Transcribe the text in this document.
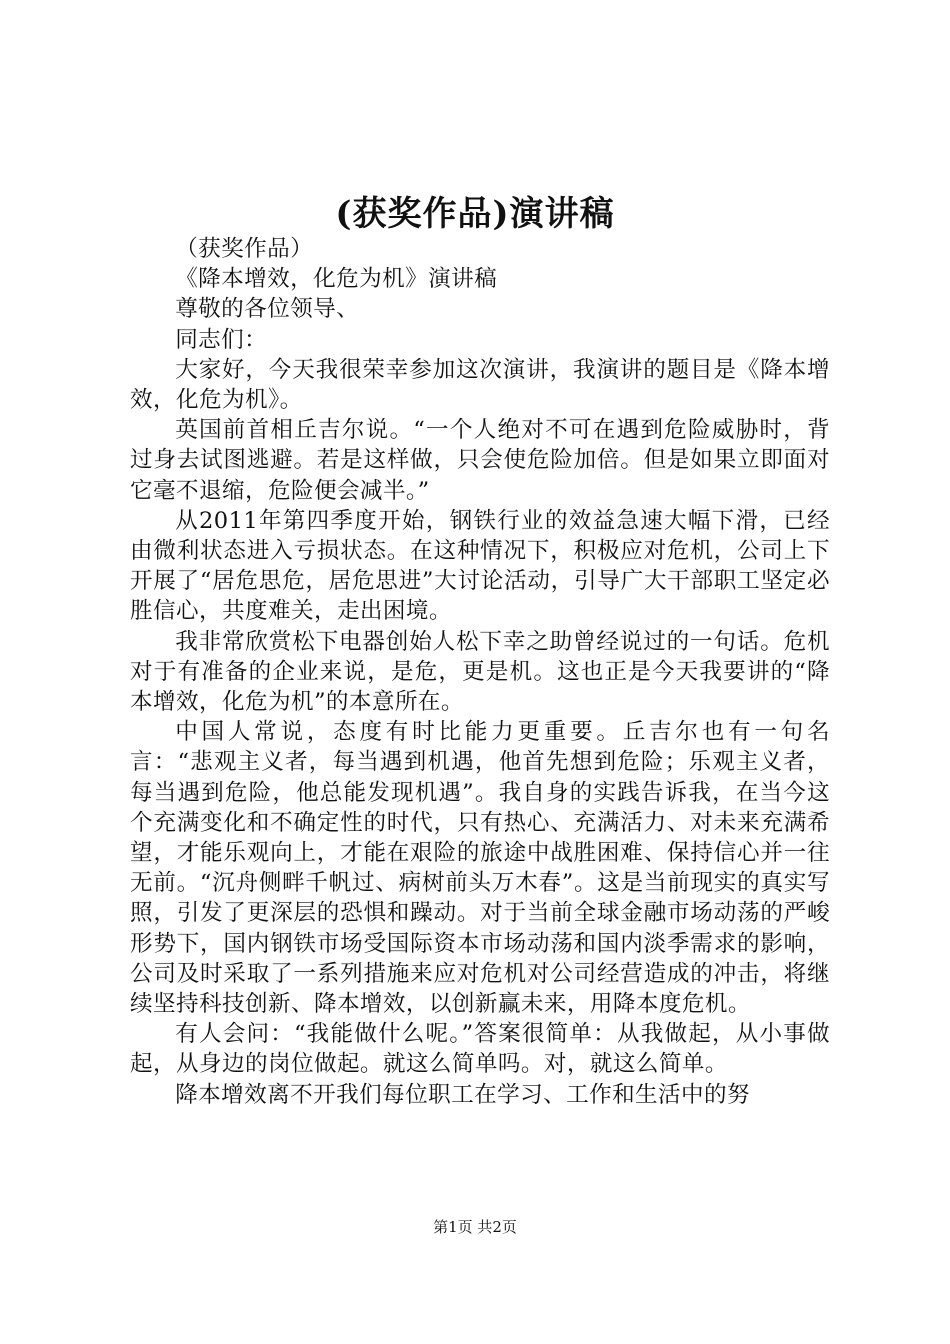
(获奖作品)演讲稿

（获奖作品）

《降本增效，化危为机》演讲稿

尊敬的各位领导、

同志们：

大家好，今天我很荣幸参加这次演讲，我演讲的题目是《降本增效，化危为机》。

英国前首相丘吉尔说。“一个人绝对不可在遇到危险威胁时，背过身去试图逃避。若是这样做，只会使危险加倍。但是如果立即面对它毫不退缩，危险便会减半。”

从2011年第四季度开始，钢铁行业的效益急速大幅下滑，已经由微利状态进入亏损状态。在这种情况下，积极应对危机，公司上下开展了“居危思危，居危思进”大讨论活动，引导广大干部职工坚定必胜信心，共度难关，走出困境。

我非常欣赏松下电器创始人松下幸之助曾经说过的一句话。危机对于有准备的企业来说，是危，更是机。这也正是今天我要讲的“降本增效，化危为机”的本意所在。

中国人常说，态度有时比能力更重要。丘吉尔也有一句名言：“悲观主义者，每当遇到机遇，他首先想到危险；乐观主义者，每当遇到危险，他总能发现机遇”。我自身的实践告诉我，在当今这个充满变化和不确定性的时代，只有热心、充满活力、对未来充满希望，才能乐观向上，才能在艰险的旅途中战胜困难、保持信心并一往无前。“沉舟侧畔千帆过、病树前头万木春”。这是当前现实的真实写照，引发了更深层的恐惧和躁动。对于当前全球金融市场动荡的严峻形势下，国内钢铁市场受国际资本市场动荡和国内淡季需求的影响，公司及时采取了一系列措施来应对危机对公司经营造成的冲击，将继续坚持科技创新、降本增效，以创新赢未来，用降本度危机。

有人会问：“我能做什么呢。”答案很简单：从我做起，从小事做起，从身边的岗位做起。就这么简单吗。对，就这么简单。

降本增效离不开我们每位职工在学习、工作和生活中的努

第1页 共2页
